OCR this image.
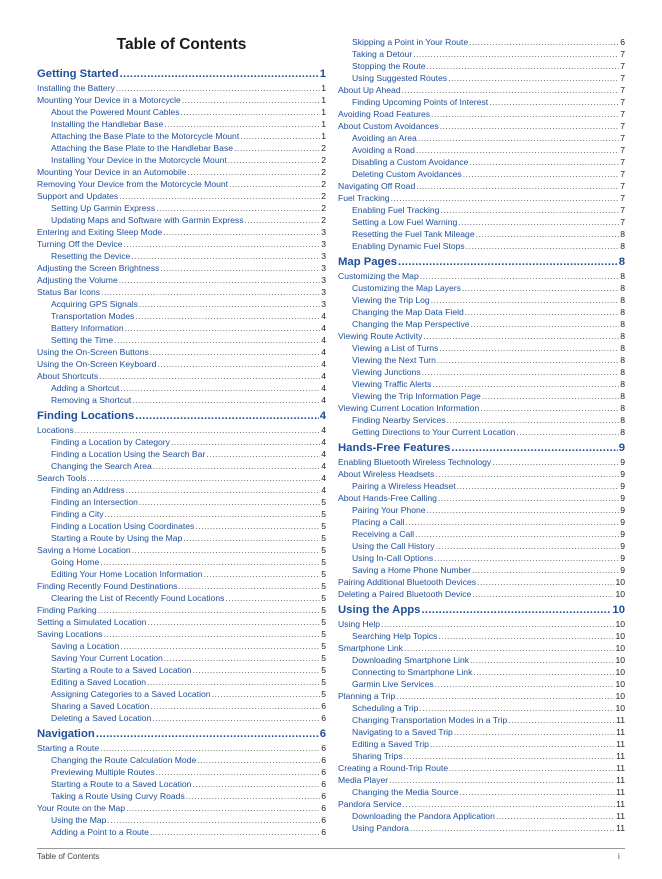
Table of Contents
Getting Started .....	1
Installing the Battery .....	1
Mounting Your Device in a Motorcycle .....	1
About the Powered Mount Cables .....	1
Installing the Handlebar Base .....	1
Attaching the Base Plate to the Motorcycle Mount .....	1
Attaching the Base Plate to the Handlebar Base .....	2
Installing Your Device in the Motorcycle Mount .....	2
Mounting Your Device in an Automobile .....	2
Removing Your Device from the Motorcycle Mount .....	2
Support and Updates .....	2
Setting Up Garmin Express .....	2
Updating Maps and Software with Garmin Express .....	2
Entering and Exiting Sleep Mode .....	3
Turning Off the Device .....	3
Resetting the Device .....	3
Adjusting the Screen Brightness .....	3
Adjusting the Volume .....	3
Status Bar Icons .....	3
Acquiring GPS Signals .....	3
Transportation Modes .....	4
Battery Information .....	4
Setting the Time .....	4
Using the On-Screen Buttons .....	4
Using the On-Screen Keyboard .....	4
About Shortcuts .....	4
Adding a Shortcut .....	4
Removing a Shortcut .....	4
Finding Locations .....	4
Locations .....	4
Finding a Location by Category .....	4
Finding a Location Using the Search Bar .....	4
Changing the Search Area .....	4
Search Tools .....	4
Finding an Address .....	4
Finding an Intersection .....	5
Finding a City .....	5
Finding a Location Using Coordinates .....	5
Starting a Route by Using the Map .....	5
Saving a Home Location .....	5
Going Home .....	5
Editing Your Home Location Information .....	5
Finding Recently Found Destinations .....	5
Clearing the List of Recently Found Locations .....	5
Finding Parking .....	5
Setting a Simulated Location .....	5
Saving Locations .....	5
Saving a Location .....	5
Saving Your Current Location .....	5
Starting a Route to a Saved Location .....	5
Editing a Saved Location .....	5
Assigning Categories to a Saved Location .....	5
Sharing a Saved Location .....	6
Deleting a Saved Location .....	6
Navigation .....	6
Starting a Route .....	6
Changing the Route Calculation Mode .....	6
Previewing Multiple Routes .....	6
Starting a Route to a Saved Location .....	6
Taking a Route Using Curvy Roads .....	6
Your Route on the Map .....	6
Using the Map .....	6
Adding a Point to a Route .....	6
Skipping a Point in Your Route .....	6
Taking a Detour .....	7
Stopping the Route .....	7
Using Suggested Routes .....	7
About Up Ahead .....	7
Finding Upcoming Points of Interest .....	7
Avoiding Road Features .....	7
About Custom Avoidances .....	7
Avoiding an Area .....	7
Avoiding a Road .....	7
Disabling a Custom Avoidance .....	7
Deleting Custom Avoidances .....	7
Navigating Off Road .....	7
Fuel Tracking .....	7
Enabling Fuel Tracking .....	7
Setting a Low Fuel Warning .....	7
Resetting the Fuel Tank Mileage .....	8
Enabling Dynamic Fuel Stops .....	8
Map Pages .....	8
Customizing the Map .....	8
Customizing the Map Layers .....	8
Viewing the Trip Log .....	8
Changing the Map Data Field .....	8
Changing the Map Perspective .....	8
Viewing Route Activity .....	8
Viewing a List of Turns .....	8
Viewing the Next Turn .....	8
Viewing Junctions .....	8
Viewing Traffic Alerts .....	8
Viewing the Trip Information Page .....	8
Viewing Current Location Information .....	8
Finding Nearby Services .....	8
Getting Directions to Your Current Location .....	8
Hands-Free Features .....	9
Enabling Bluetooth Wireless Technology .....	9
About Wireless Headsets .....	9
Pairing a Wireless Headset .....	9
About Hands-Free Calling .....	9
Pairing Your Phone .....	9
Placing a Call .....	9
Receiving a Call .....	9
Using the Call History .....	9
Using In-Call Options .....	9
Saving a Home Phone Number .....	9
Pairing Additional Bluetooth Devices .....	10
Deleting a Paired Bluetooth Device .....	10
Using the Apps .....	10
Using Help .....	10
Searching Help Topics .....	10
Smartphone Link .....	10
Downloading Smartphone Link .....	10
Connecting to Smartphone Link .....	10
Garmin Live Services .....	10
Planning a Trip .....	10
Scheduling a Trip .....	10
Changing Transportation Modes in a Trip .....	11
Navigating to a Saved Trip .....	11
Editing a Saved Trip .....	11
Sharing Trips .....	11
Creating a Round-Trip Route .....	11
Media Player .....	11
Changing the Media Source .....	11
Pandora Service .....	11
Downloading the Pandora Application .....	11
Using Pandora .....	11
Table of Contents	i
